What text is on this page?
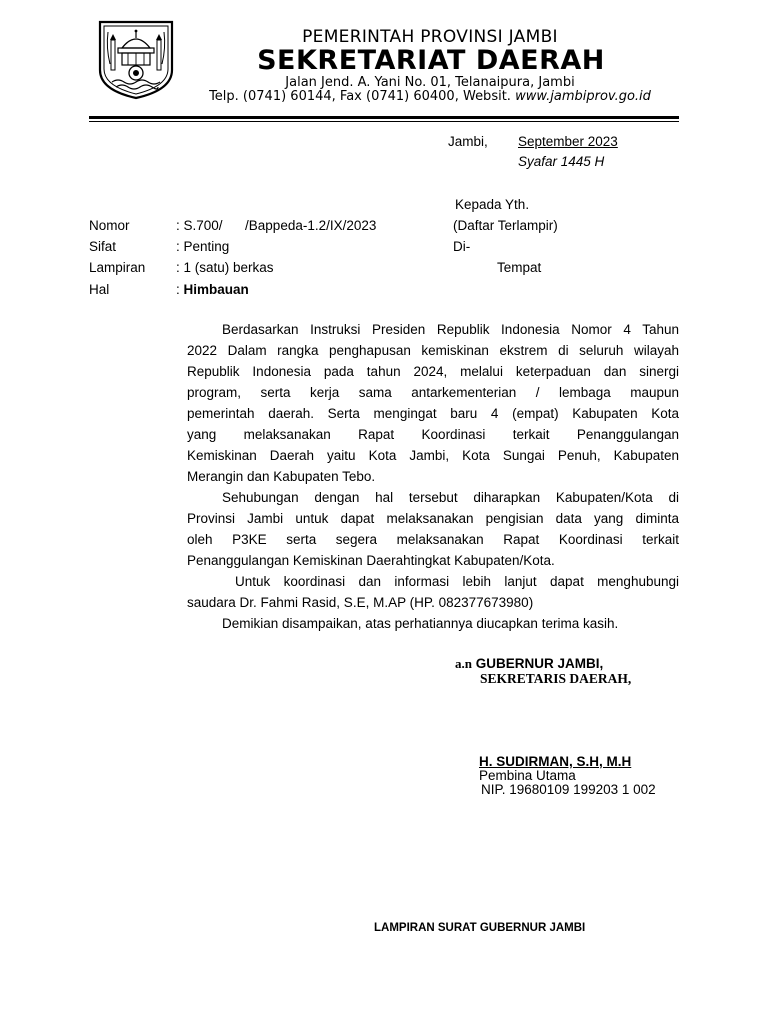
PEMERINTAH PROVINSI JAMBI
SEKRETARIAT DAERAH
Jalan Jend. A. Yani No. 01, Telanaipura, Jambi
Telp. (0741) 60144, Fax (0741) 60400, Websit. www.jambiprov.go.id
Jambi, September 2023
Syafar 1445 H
Kepada Yth.
(Daftar Terlampir)
Di-
Tempat
Nomor	: S.700/      /Bappeda-1.2/IX/2023
Sifat	: Penting
Lampiran : 1 (satu) berkas
Hal	: Himbauan
Berdasarkan Instruksi Presiden Republik Indonesia Nomor 4 Tahun
2022 Dalam rangka penghapusan kemiskinan ekstrem di seluruh wilayah
Republik Indonesia pada tahun 2024, melalui keterpaduan dan sinergi
program, serta kerja sama antarkementerian / lembaga maupun
pemerintah daerah. Serta mengingat baru 4 (empat) Kabupaten Kota
yang melaksanakan Rapat Koordinasi terkait Penanggulangan
Kemiskinan Daerah yaitu Kota Jambi, Kota Sungai Penuh, Kabupaten
Merangin dan Kabupaten Tebo.
Sehubungan dengan hal tersebut diharapkan Kabupaten/Kota di
Provinsi Jambi untuk dapat melaksanakan pengisian data yang diminta
oleh P3KE serta segera melaksanakan Rapat Koordinasi terkait
Penanggulangan Kemiskinan Daerahtingkat Kabupaten/Kota.
Untuk koordinasi dan informasi lebih lanjut dapat menghubungi
saudara Dr. Fahmi Rasid, S.E, M.AP (HP. 082377673980)
Demikian disampaikan, atas perhatiannya diucapkan terima kasih.
a.n GUBERNUR JAMBI,
SEKRETARIS DAERAH,
H. SUDIRMAN, S.H, M.H
Pembina Utama
NIP. 19680109 199203 1 002
LAMPIRAN SURAT GUBERNUR JAMBI
